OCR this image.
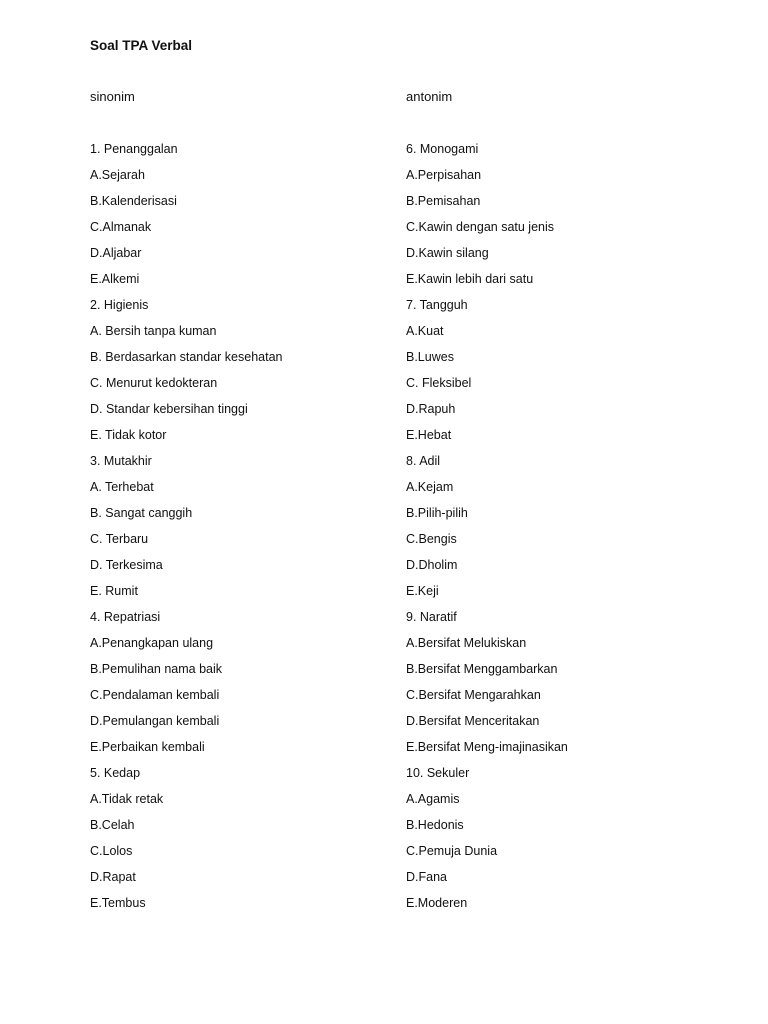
Soal TPA Verbal
sinonim
1. Penanggalan
A.Sejarah
B.Kalenderisasi
C.Almanak
D.Aljabar
E.Alkemi
2. Higienis
A. Bersih tanpa kuman
B. Berdasarkan standar kesehatan
C. Menurut kedokteran
D. Standar kebersihan tinggi
E. Tidak kotor
3. Mutakhir
A. Terhebat
B. Sangat canggih
C. Terbaru
D. Terkesima
E. Rumit
4. Repatriasi
A.Penangkapan ulang
B.Pemulihan nama baik
C.Pendalaman kembali
D.Pemulangan kembali
E.Perbaikan kembali
5. Kedap
A.Tidak retak
B.Celah
C.Lolos
D.Rapat
E.Tembus
antonim
6. Monogami
A.Perpisahan
B.Pemisahan
C.Kawin dengan satu jenis
D.Kawin silang
E.Kawin lebih dari satu
7. Tangguh
A.Kuat
B.Luwes
C. Fleksibel
D.Rapuh
E.Hebat
8. Adil
A.Kejam
B.Pilih-pilih
C.Bengis
D.Dholim
E.Keji
9. Naratif
A.Bersifat Melukiskan
B.Bersifat Menggambarkan
C.Bersifat Mengarahkan
D.Bersifat Menceritakan
E.Bersifat Meng-imajinasikan
10. Sekuler
A.Agamis
B.Hedonis
C.Pemuja Dunia
D.Fana
E.Moderen
